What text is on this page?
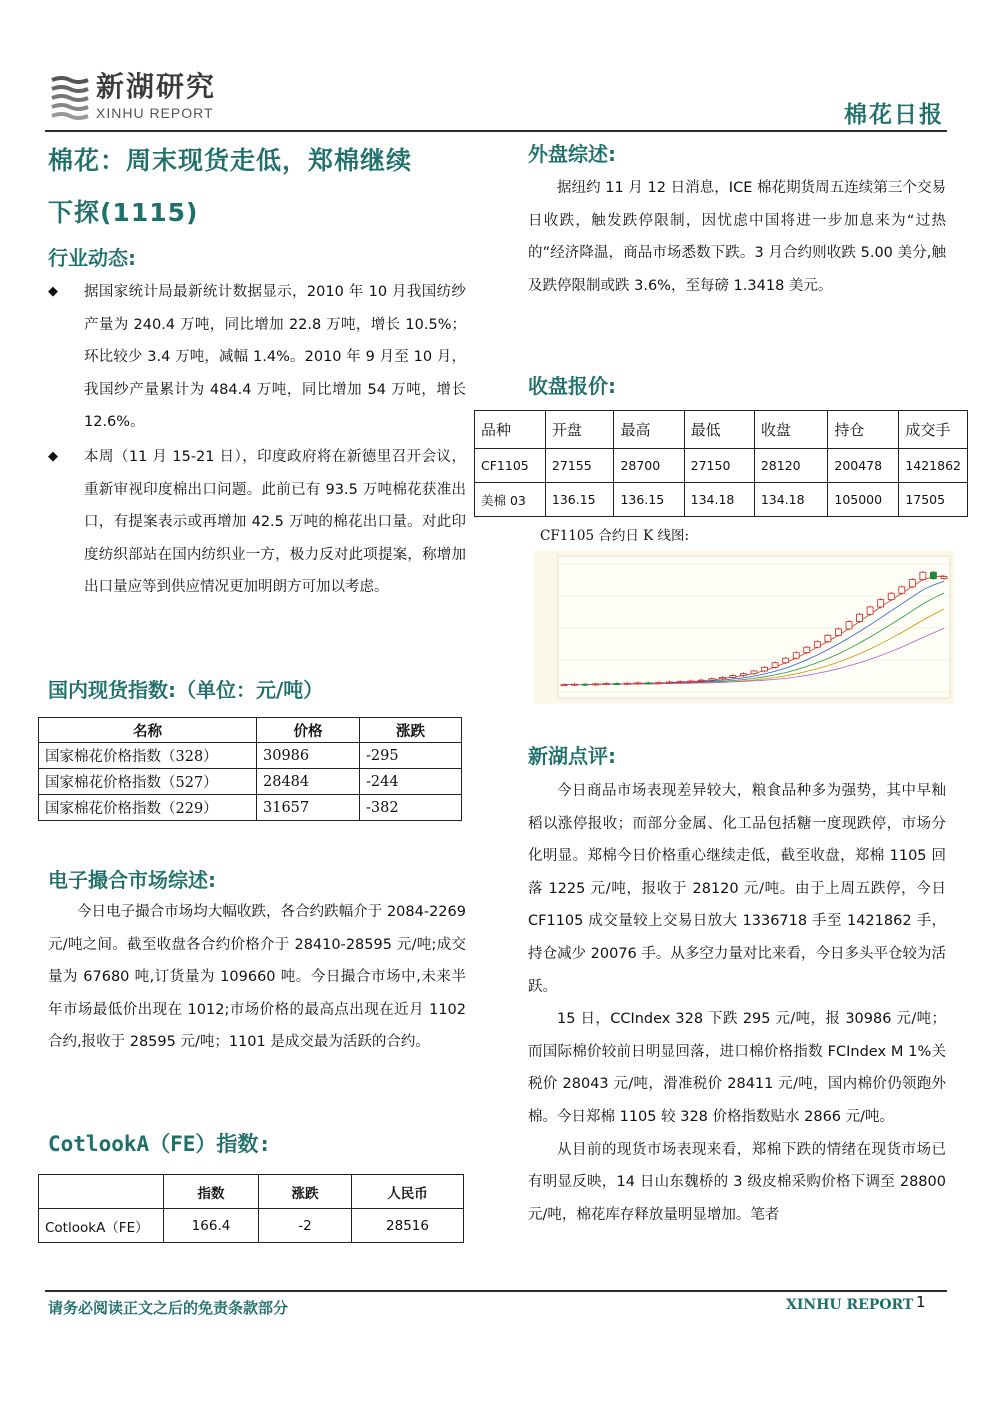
新湖研究
XINHU REPORT	棉花日报
棉花：周末现货走低，郑棉继续
下探(1115)
行业动态:
◆ 据国家统计局最新统计数据显示，2010 年 10 月我国纺纱产量为 240.4 万吨，同比增加 22.8 万吨，增长 10.5%；环比较少 3.4 万吨，减幅 1.4%。2010 年 9 月至 10 月，我国纱产量累计为 484.4 万吨，同比增加 54 万吨，增长 12.6%。
◆ 本周（11 月 15-21 日），印度政府将在新德里召开会议，重新审视印度棉出口问题。此前已有 93.5 万吨棉花获准出口，有提案表示或再增加 42.5 万吨的棉花出口量。对此印度纺织部站在国内纺织业一方，极力反对此项提案，称增加出口量应等到供应情况更加明朗方可加以考虑。
国内现货指数:（单位：元/吨）
名称	价格	涨跌
国家棉花价格指数（328）	30986	-295
国家棉花价格指数（527）	28484	-244
国家棉花价格指数（229）	31657	-382
电子撮合市场综述:

今日电子撮合市场均大幅收跌，各合约跌幅介于 2084-2269 元/吨之间。截至收盘各合约价格介于 28410-28595 元/吨;成交量为 67680 吨,订货量为 109660 吨。今日撮合市场中,未来半年市场最低价出现在 1012;市场价格的最高点出现在近月 1102 合约,报收于 28595 元/吨；1101 是成交最为活跃的合约。

CotlookA（FE）指数:
	指数	涨跌	人民币
CotlookA（FE）	166.4	-2	28516
外盘综述:

据纽约 11 月 12 日消息，ICE 棉花期货周五连续第三个交易日收跌，触发跌停限制，因忧虑中国将进一步加息来为“过热的”经济降温，商品市场悉数下跌。3 月合约则收跌 5.00 美分,触及跌停限制或跌 3.6%，至每磅 1.3418 美元。

收盘报价:
品种	开盘	最高	最低	收盘	持仓	成交手
CF1105	27155	28700	27150	28120	200478	1421862
美棉 03	136.15	136.15	134.18	134.18	105000	17505
CF1105 合约日 K 线图:
新湖点评:

今日商品市场表现差异较大，粮食品种多为强势，其中早籼稻以涨停报收；而部分金属、化工品包括糖一度现跌停，市场分化明显。郑棉今日价格重心继续走低，截至收盘，郑棉 1105 回落 1225 元/吨，报收于 28120 元/吨。由于上周五跌停，今日 CF1105 成交量较上交易日放大 1336718 手至 1421862 手，持仓减少 20076 手。从多空力量对比来看，今日多头平仓较为活跃。

15 日，CCIndex 328 下跌 295 元/吨，报 30986 元/吨；而国际棉价较前日明显回落，进口棉价格指数 FCIndex M 1%关税价 28043 元/吨，滑准税价 28411 元/吨，国内棉价仍领跑外棉。今日郑棉 1105 较 328 价格指数贴水 2866 元/吨。

从目前的现货市场表现来看，郑棉下跌的情绪在现货市场已有明显反映，14 日山东魏桥的 3 级皮棉采购价格下调至 28800 元/吨，棉花库存释放量明显增加。笔者

请务必阅读正文之后的免责条款部分	XINHU REPORT 1
